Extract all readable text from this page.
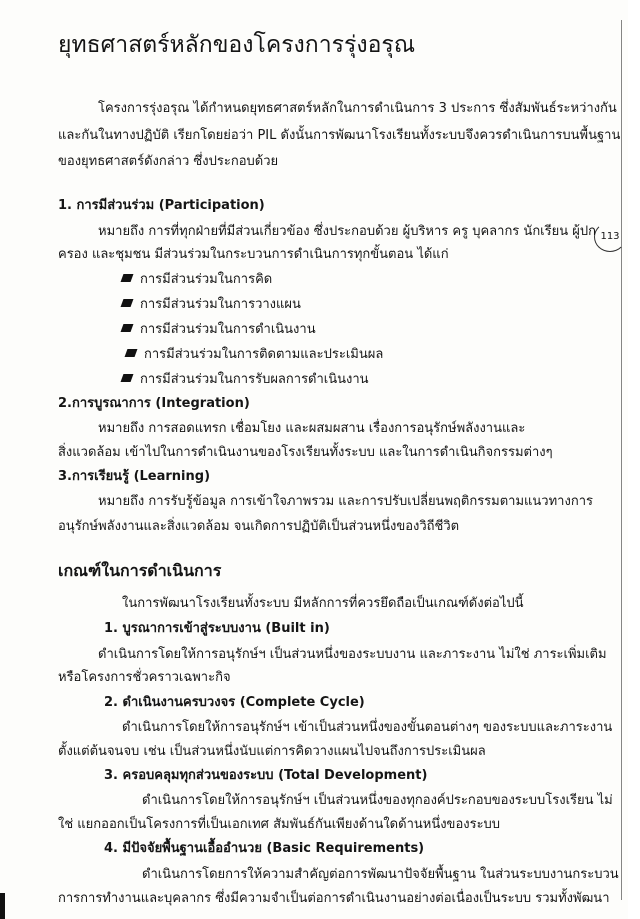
ยุทธศาสตร์หลักของโครงการรุ่งอรุณ
113
โครงการรุ่งอรุณ ได้กำหนดยุทธศาสตร์หลักในการดำเนินการ 3 ประการ ซึ่งสัมพันธ์ระหว่างกัน
และกันในทางปฏิบัติ เรียกโดยย่อว่า PIL ดังนั้นการพัฒนาโรงเรียนทั้งระบบจึงควรดำเนินการบนพื้นฐาน
ของยุทธศาสตร์ดังกล่าว ซึ่งประกอบด้วย
1. การมีส่วนร่วม (Participation)
หมายถึง การที่ทุกฝ่ายที่มีส่วนเกี่ยวข้อง ซึ่งประกอบด้วย ผู้บริหาร ครู บุคลากร นักเรียน ผู้ปก
ครอง และชุมชน มีส่วนร่วมในกระบวนการดำเนินการทุกขั้นตอน ได้แก่
การมีส่วนร่วมในการคิด
การมีส่วนร่วมในการวางแผน
การมีส่วนร่วมในการดำเนินงาน
การมีส่วนร่วมในการติดตามและประเมินผล
การมีส่วนร่วมในการรับผลการดำเนินงาน
2.การบูรณาการ (Integration)
หมายถึง การสอดแทรก เชื่อมโยง และผสมผสาน เรื่องการอนุรักษ์พลังงานและ
สิ่งแวดล้อม เข้าไปในการดำเนินงานของโรงเรียนทั้งระบบ และในการดำเนินกิจกรรมต่างๆ
3.การเรียนรู้ (Learning)
หมายถึง การรับรู้ข้อมูล การเข้าใจภาพรวม และการปรับเปลี่ยนพฤติกรรมตามแนวทางการ
อนุรักษ์พลังงานและสิ่งแวดล้อม จนเกิดการปฏิบัติเป็นส่วนหนึ่งของวิถีชีวิต
เกณฑ์ในการดำเนินการ
ในการพัฒนาโรงเรียนทั้งระบบ มีหลักการที่ควรยึดถือเป็นเกณฑ์ดังต่อไปนี้
1. บูรณาการเข้าสู่ระบบงาน (Built in)
ดำเนินการโดยให้การอนุรักษ์ฯ เป็นส่วนหนึ่งของระบบงาน และภาระงาน ไม่ใช่ ภาระเพิ่มเติม
หรือโครงการชั่วคราวเฉพาะกิจ
2. ดำเนินงานครบวงจร (Complete Cycle)
ดำเนินการโดยให้การอนุรักษ์ฯ เข้าเป็นส่วนหนึ่งของขั้นตอนต่างๆ ของระบบและภาระงาน
ตั้งแต่ต้นจนจบ เช่น เป็นส่วนหนึ่งนับแต่การคิดวางแผนไปจนถึงการประเมินผล
3. ครอบคลุมทุกส่วนของระบบ (Total Development)
ดำเนินการโดยให้การอนุรักษ์ฯ เป็นส่วนหนึ่งของทุกองค์ประกอบของระบบโรงเรียน ไม่
ใช่ แยกออกเป็นโครงการที่เป็นเอกเทศ สัมพันธ์กันเพียงด้านใดด้านหนึ่งของระบบ
4. มีปัจจัยพื้นฐานเอื้ออำนวย (Basic Requirements)
ดำเนินการโดยการให้ความสำคัญต่อการพัฒนาปัจจัยพื้นฐาน ในส่วนระบบงานกระบวน
การการทำงานและบุคลากร ซึ่งมีความจำเป็นต่อการดำเนินงานอย่างต่อเนื่องเป็นระบบ รวมทั้งพัฒนา
